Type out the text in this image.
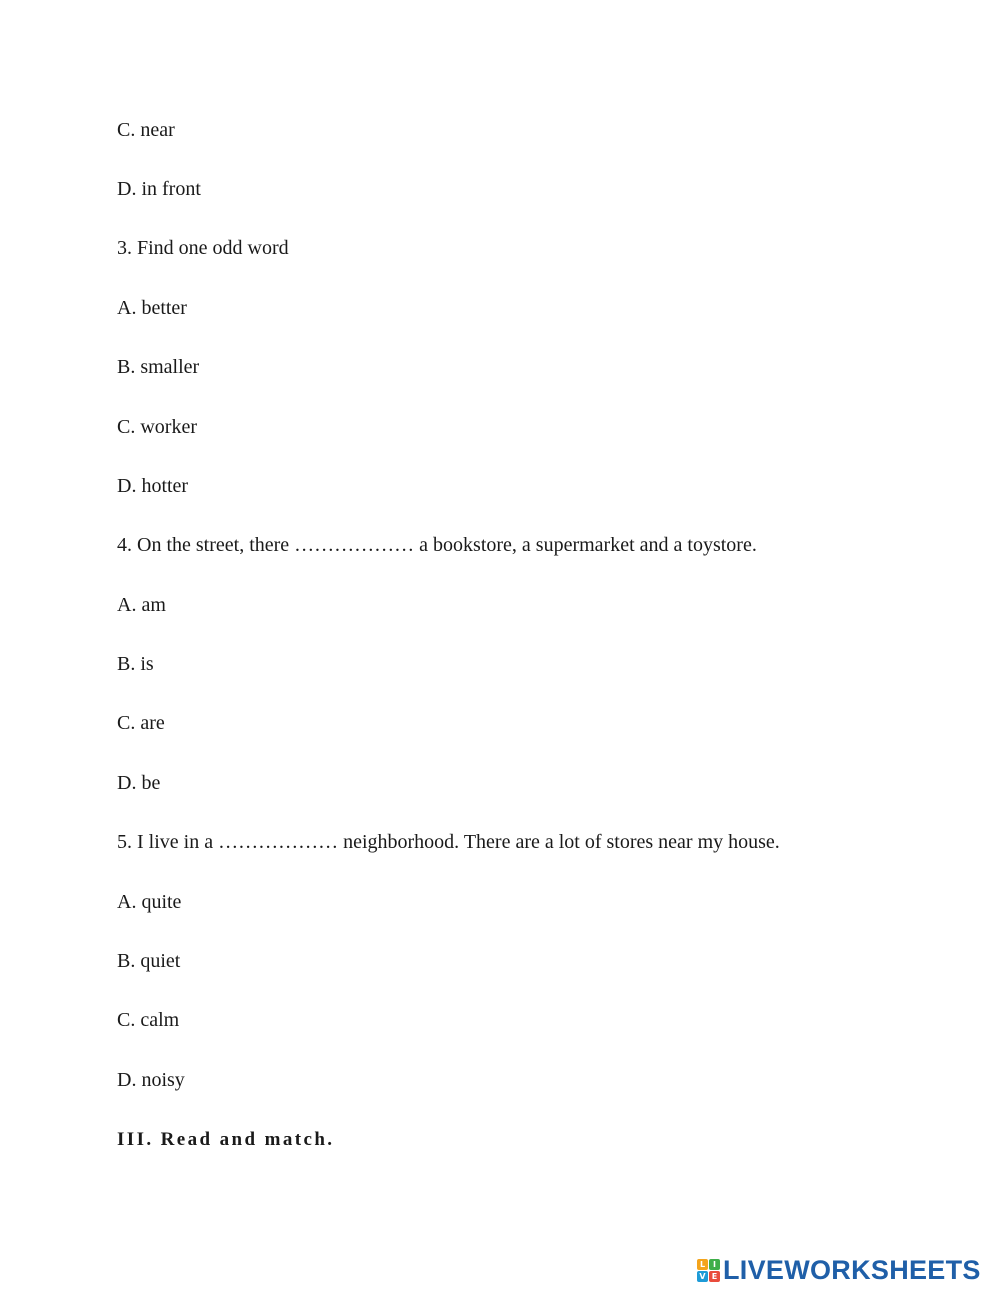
C. near
D. in front
3. Find one odd word
A. better
B. smaller
C. worker
D. hotter
4. On the street, there ……………… a bookstore, a supermarket and a toystore.
A. am
B. is
C. are
D. be
5. I live in a ……………… neighborhood. There are a lot of stores near my house.
A. quite
B. quiet
C. calm
D. noisy
III. Read and match.
L I
V E LIVEWORKSHEETS
